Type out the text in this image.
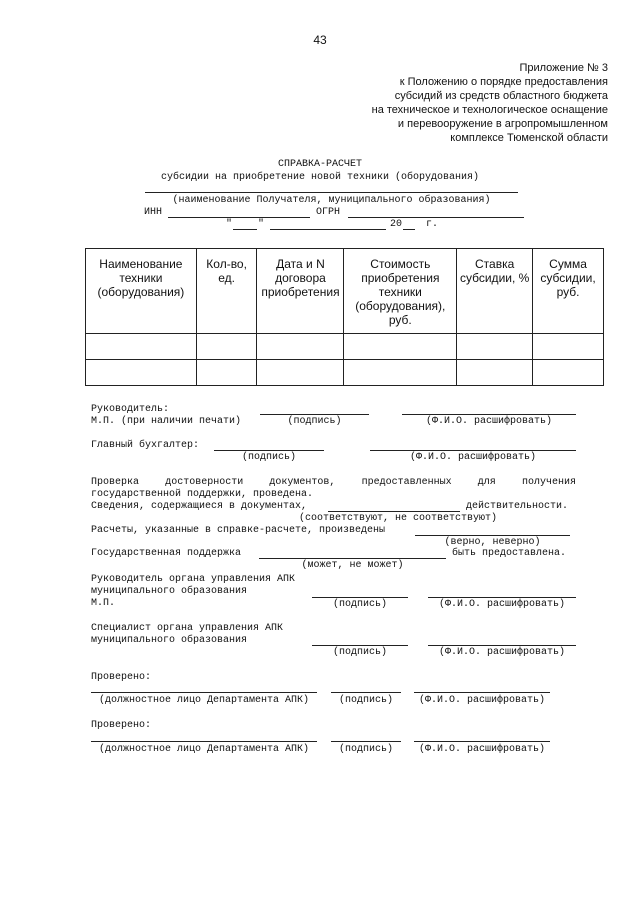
43
Приложение № 3
к Положению о порядке предоставления
субсидий из средств областного бюджета
на техническое и технологическое оснащение
и перевооружение в агропромышленном
комплексе Тюменской области
СПРАВКА-РАСЧЕТ
субсидии на приобретение новой техники (оборудования)
(наименование Получателя, муниципального образования)
ИНН	ОГРН
"	"	20 г.
Наименование техники (оборудования)	Кол-во, ед.	Дата и N договора приобретения	Стоимость приобретения техники (оборудования), руб.	Ставка субсидии, %	Сумма субсидии, руб.

Руководитель:
М.П. (при наличии печати)	(подпись)	(Ф.И.О. расшифровать)
Главный бухгалтер:
(подпись)	(Ф.И.О. расшифровать)
Проверка достоверности документов, предоставленных для получения
государственной поддержки, проведена.
Сведения, содержащиеся в документах,	действительности.
(соответствуют, не соответствуют)
Расчеты, указанные в справке-расчете, произведены
(верно, неверно)
Государственная поддержка	быть предоставлена.
(может, не может)
Руководитель органа управления АПК
муниципального образования
М.П.	(подпись)	(Ф.И.О. расшифровать)
Специалист органа управления АПК
муниципального образования
(подпись)	(Ф.И.О. расшифровать)
Проверено:
(должностное лицо Департамента АПК)	(подпись)	(Ф.И.О. расшифровать)
Проверено:
(должностное лицо Департамента АПК)	(подпись)	(Ф.И.О. расшифровать)
